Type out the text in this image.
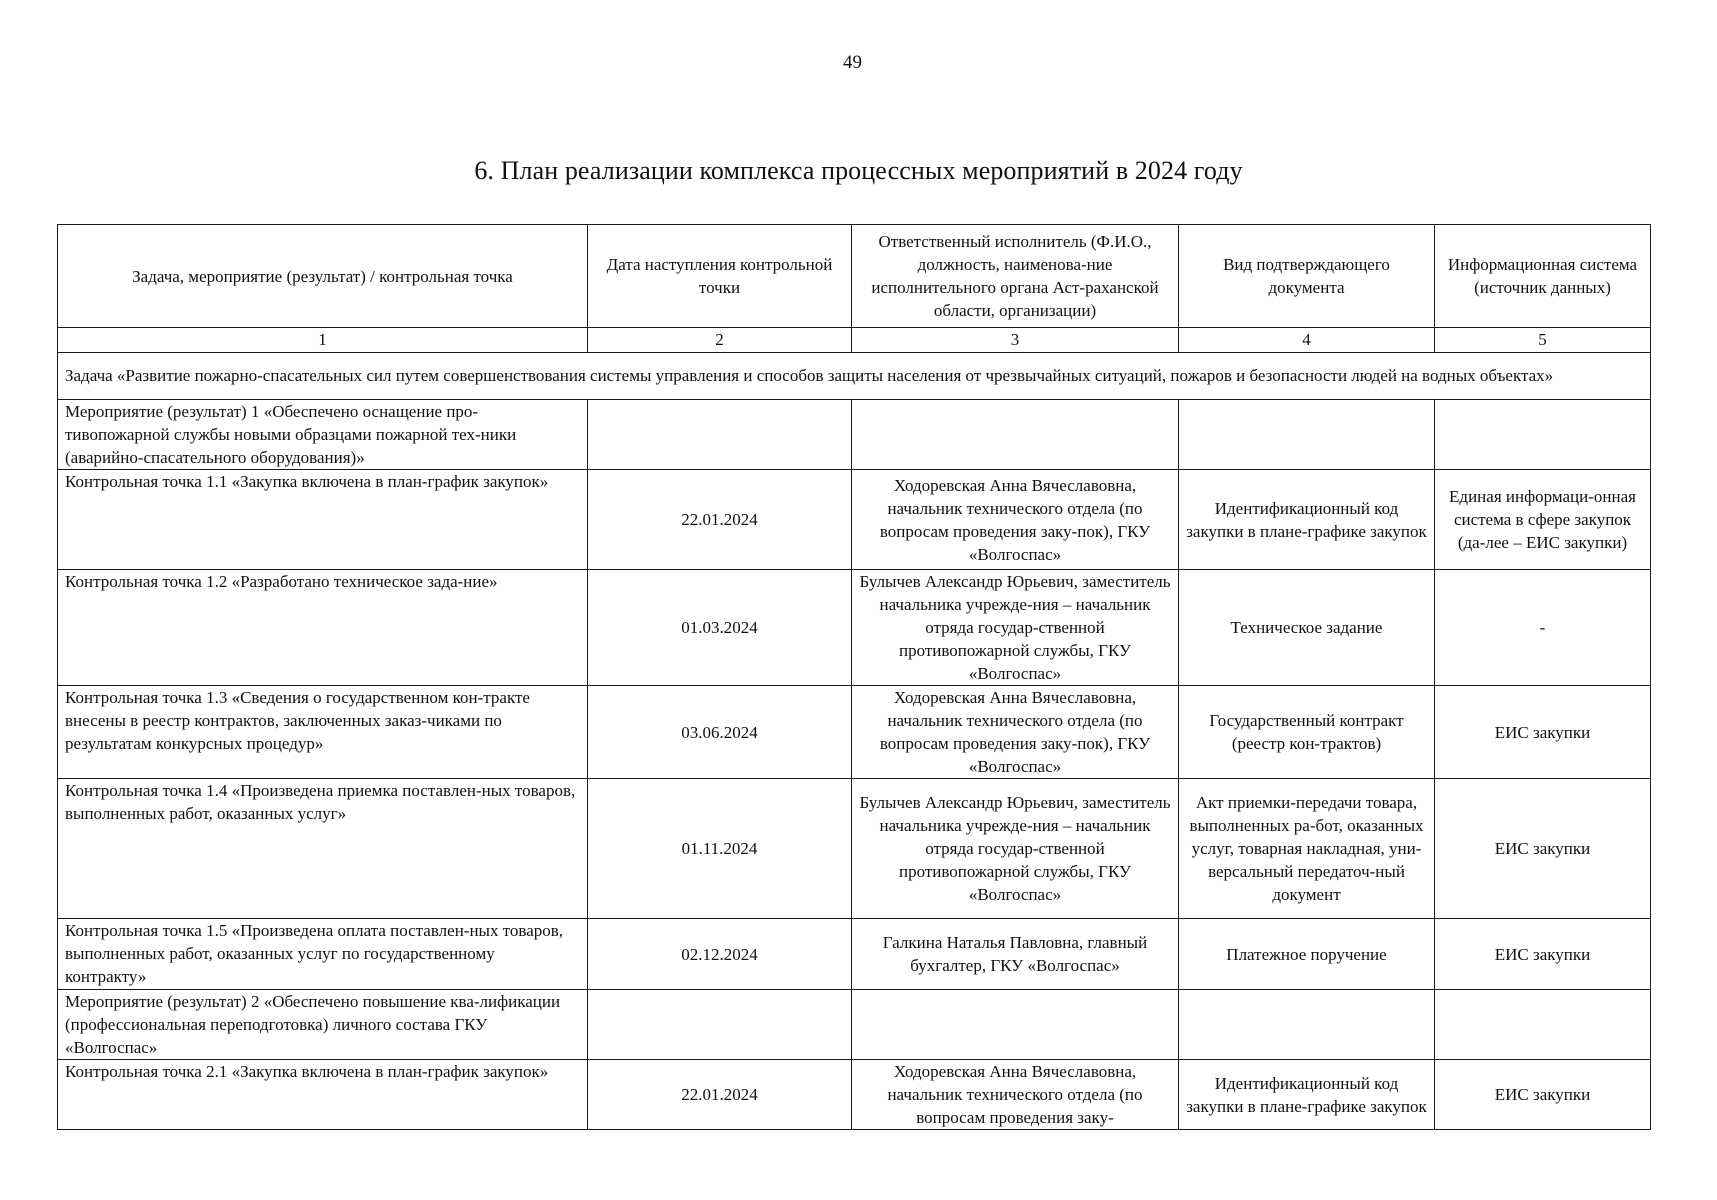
49
6. План реализации комплекса процессных мероприятий в 2024 году
Задача, мероприятие (результат) / контрольная точка	Дата наступления контрольной точки	Ответственный исполнитель (Ф.И.О., должность, наименова-ние исполнительного органа Аст-раханской области, организации)	Вид подтверждающего документа	Информационная система (источник данных)
1	2	3	4	5
Задача «Развитие пожарно-спасательных сил путем совершенствования системы управления и способов защиты населения от чрезвычайных ситуаций, пожаров и безопасности людей на водных объектах»				
Мероприятие (результат) 1 «Обеспечено оснащение про-тивопожарной службы новыми образцами пожарной тех-ники (аварийно-спасательного оборудования)»				
Контрольная точка 1.1 «Закупка включена в план-график закупок»	22.01.2024	Ходоревская Анна Вячеславовна, начальник технического отдела (по вопросам проведения заку-пок), ГКУ «Волгоспас»	Идентификационный код закупки в плане-графике закупок	Единая информаци-онная система в сфере закупок (да-лее – ЕИС закупки)
Контрольная точка 1.2 «Разработано техническое зада-ние»	01.03.2024	Булычев Александр Юрьевич, заместитель начальника учрежде-ния – начальник отряда государ-ственной противопожарной службы, ГКУ «Волгоспас»	Техническое задание	-
Контрольная точка 1.3 «Сведения о государственном кон-тракте внесены в реестр контрактов, заключенных заказ-чиками по результатам конкурсных процедур»	03.06.2024	Ходоревская Анна Вячеславовна, начальник технического отдела (по вопросам проведения заку-пок), ГКУ «Волгоспас»	Государственный контракт (реестр кон-трактов)	ЕИС закупки
Контрольная точка 1.4 «Произведена приемка поставлен-ных товаров, выполненных работ, оказанных услуг»	01.11.2024	Булычев Александр Юрьевич, заместитель начальника учрежде-ния – начальник отряда государ-ственной противопожарной службы, ГКУ «Волгоспас»	Акт приемки-передачи товара, выполненных ра-бот, оказанных услуг, товарная накладная, уни-версальный передаточ-ный документ	ЕИС закупки
Контрольная точка 1.5 «Произведена оплата поставлен-ных товаров, выполненных работ, оказанных услуг по государственному контракту»	02.12.2024	Галкина Наталья Павловна, главный бухгалтер, ГКУ «Волгоспас»	Платежное поручение	ЕИС закупки
Мероприятие (результат) 2 «Обеспечено повышение ква-лификации (профессиональная переподготовка) личного состава ГКУ «Волгоспас»				
Контрольная точка 2.1 «Закупка включена в план-график закупок»	22.01.2024	Ходоревская Анна Вячеславовна, начальник технического отдела (по вопросам проведения заку-	Идентификационный код закупки в плане-графике закупок	ЕИС закупки
